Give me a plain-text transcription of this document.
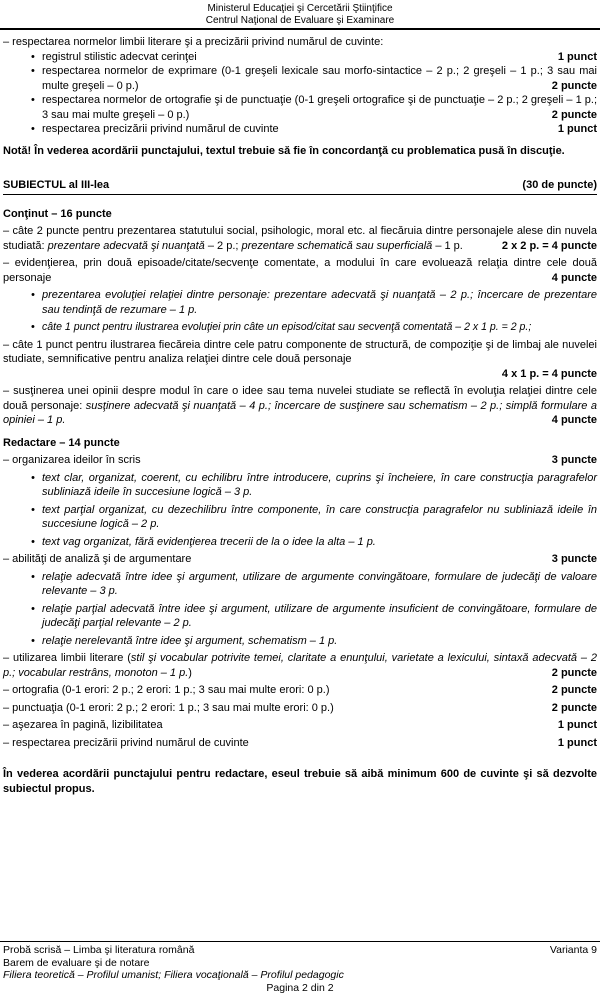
Ministerul Educaţiei şi Cercetării Ştiinţifice
Centrul Naţional de Evaluare şi Examinare
– respectarea normelor limbii literare şi a precizării privind numărul de cuvinte:
• registrul stilistic adecvat cerinţei	1 punct
• respectarea normelor de exprimare (0-1 greşeli lexicale sau morfo-sintactice – 2 p.; 2 greşeli – 1 p.; 3 sau mai multe greşeli – 0 p.)	2 puncte
• respectarea normelor de ortografie şi de punctuaţie (0-1 greşeli ortografice şi de punctuaţie – 2 p.; 2 greşeli – 1 p.; 3 sau mai multe greşeli – 0 p.)	2 puncte
• respectarea precizării privind numărul de cuvinte	1 punct
Notă! În vederea acordării punctajului, textul trebuie să fie în concordanţă cu problematica pusă în discuţie.
SUBIECTUL al III-lea	(30 de puncte)
Conţinut – 16 puncte
– câte 2 puncte pentru prezentarea statutului social, psihologic, moral etc. al fiecăruia dintre personajele alese din nuvela studiată: prezentare adecvată şi nuanţată – 2 p.; prezentare schematică sau superficială – 1 p.	2 x 2 p. = 4 puncte
– evidenţierea, prin două episoade/citate/secvenţe comentate, a modului în care evoluează relaţia dintre cele două personaje	4 puncte
• prezentarea evoluţiei relaţiei dintre personaje: prezentare adecvată şi nuanţată – 2 p.; încercare de prezentare sau tendinţă de rezumare – 1 p.
• câte 1 punct pentru ilustrarea evoluţiei prin câte un episod/citat sau secvenţă comentată – 2 x 1 p. = 2 p.;
– câte 1 punct pentru ilustrarea fiecăreia dintre cele patru componente de structură, de compoziţie şi de limbaj ale nuvelei studiate, semnificative pentru analiza relaţiei dintre cele două personaje
4 x 1 p. = 4 puncte
– susţinerea unei opinii despre modul în care o idee sau tema nuvelei studiate se reflectă în evoluţia relaţiei dintre cele două personaje: susţinere adecvată şi nuanţată – 4 p.; încercare de susţinere sau schematism – 2 p.; simplă formulare a opiniei – 1 p.	4 puncte
Redactare – 14 puncte
– organizarea ideilor în scris	3 puncte
• text clar, organizat, coerent, cu echilibru între introducere, cuprins şi încheiere, în care construcţia paragrafelor subliniază ideile în succesiune logică – 3 p.
• text parţial organizat, cu dezechilibru între componente, în care construcţia paragrafelor nu subliniază ideile în succesiune logică – 2 p.
• text vag organizat, fără evidenţierea trecerii de la o idee la alta – 1 p.
– abilităţi de analiză şi de argumentare	3 puncte
• relaţie adecvată între idee şi argument, utilizare de argumente convingătoare, formulare de judecăţi de valoare relevante – 3 p.
• relaţie parţial adecvată între idee şi argument, utilizare de argumente insuficient de convingătoare, formulare de judecăţi parţial relevante – 2 p.
• relaţie nerelevantă între idee şi argument, schematism – 1 p.
– utilizarea limbii literare (stil şi vocabular potrivite temei, claritate a enunţului, varietate a lexicului, sintaxă adecvată – 2 p.; vocabular restrâns, monoton – 1 p.)	2 puncte
– ortografia (0-1 erori: 2 p.; 2 erori: 1 p.; 3 sau mai multe erori: 0 p.)	2 puncte
– punctuaţia (0-1 erori: 2 p.; 2 erori: 1 p.; 3 sau mai multe erori: 0 p.)	2 puncte
– aşezarea în pagină, lizibilitatea	1 punct
– respectarea precizării privind numărul de cuvinte	1 punct
În vederea acordării punctajului pentru redactare, eseul trebuie să aibă minimum 600 de cuvinte şi să dezvolte subiectul propus.
Probă scrisă – Limba şi literatura română	Varianta 9
Barem de evaluare şi de notare
Filiera teoretică – Profilul umanist; Filiera vocaţională – Profilul pedagogic
Pagina 2 din 2
